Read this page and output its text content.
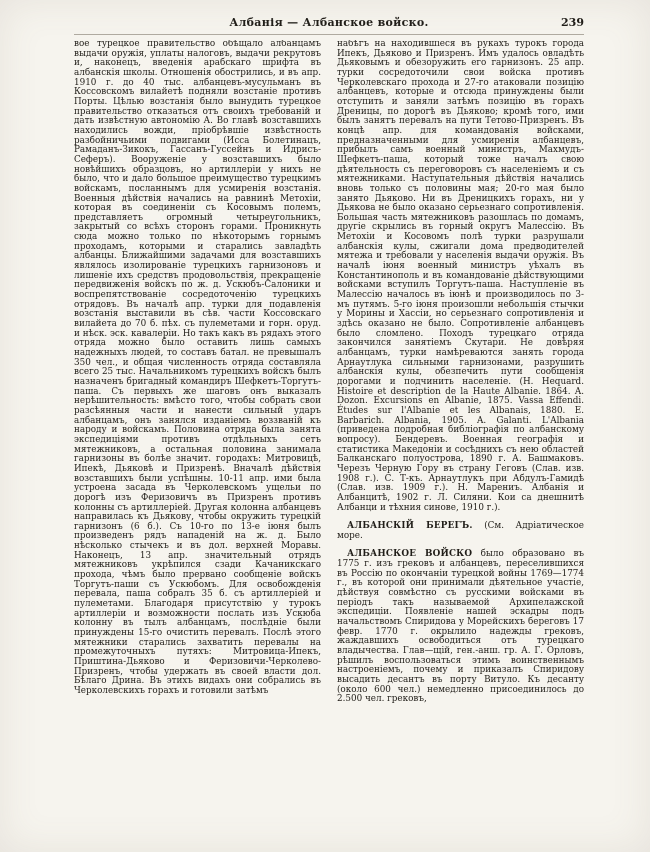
Албанія — Албанское войско.	239

вое турецкое правительство обѣщало албанцамъ выдачи оружія, уплаты налоговъ, выдачи рекрутовъ и, наконецъ, введенія арабскаго шрифта въ албанскія школы. Отношенія обострились, и въ апр. 1910 г. до 40 тыс. албанцевъ-мусульманъ въ Коссовскомъ вилайетѣ подняли возстаніе противъ Порты. Цѣлью возстанія было вынудить турецкое правительство отказаться отъ своихъ требованій и дать извѣстную автономію А. Во главѣ возставшихъ находились вожди, пріобрѣвшіе извѣстность разбойничьими подвигами (Исса Болетинацъ, Рамаданъ-Зикокъ, Гассанъ-Гуссейнъ и Идрисъ-Сеферъ). Вооруженіе у возставшихъ было новѣйшихъ образцовъ, но артиллеріи у нихъ не было, что и дало большое преимущество турецкимъ войскамъ, посланнымъ для усмиренія возстанія. Военныя дѣйствія начались на равнинѣ Метохіи, которая въ соединеніи съ Косовымъ полемъ, представляетъ огромный четыреугольникъ, закрытый со всѣхъ сторонъ горами. Проникнуть сюда можно только по нѣкоторымъ горнымъ проходамъ, которыми и старались завладѣть албанцы. Ближайшими задачами для возставшихъ являлось изолированіе турецкихъ гарнизоновъ и лишеніе ихъ средствъ продовольствія, прекращеніе передвиженія войскъ по ж. д. Ускюбъ-Салоники и воспрепятствованіе сосредоточенію турецкихъ отрядовъ. Въ началѣ апр. турки для подавленія возстанія выставили въ сѣв. части Коссовскаго вилайета до 70 б. пѣх. съ пулеметами и горн. оруд. и нѣск. эск. кавалеріи. Но такъ какъ въ рядахъ этого отряда можно было оставить лишь самыхъ надежныхъ людей, то составъ батал. не превышалъ 350 чел., и общая численность отряда составляла всего 25 тыс. Начальникомъ турецкихъ войскъ былъ назначенъ бригадный командиръ Шефкетъ-Торгутъ-паша. Съ первыхъ же шаговъ онъ выказалъ нерѣшительность: вмѣсто того, чтобы собрать свои разсѣянныя части и нанести сильный ударъ албанцамъ, онъ занялся изданіемъ воззваній къ народу и войскамъ. Половина отряда была занята экспедиціями противъ отдѣльныхъ сетъ мятежниковъ, а остальная половина занимала гарнизоны въ болѣе значит. городахъ: Митровицѣ, Ипекѣ, Дьяковѣ и Призренѣ. Вначалѣ дѣйствія возставшихъ были успѣшны. 10-11 апр. ими была устроена засада въ Черколевскомъ ущельи по дорогѣ изъ Феризовичъ въ Призренъ противъ колонны съ артиллеріей. Другая колонна албанцевъ направилась къ Дьякову, чтобы окружить турецкій гарнизонъ (6 б.). Съ 10-го по 13-е іюня былъ произведенъ рядъ нападеній на ж. д. Было нѣсколько стычекъ и въ дол. верхней Моравы. Наконецъ, 13 апр. значительный отрядъ мятежниковъ укрѣпился сзади Качаникскаго прохода, чѣмъ было прервано сообщеніе войскъ Торгутъ-паши съ Ускюбомъ. Для освобожденія перевала, паша собралъ 35 б. съ артиллеріей и пулеметами. Благодаря присутствію у турокъ артиллеріи и возможности послать изъ Ускюба колонну въ тылъ албанцамъ, послѣдніе были принуждены 15-го очистить перевалъ. Послѣ этого мятежники старались захватить перевалы на промежуточныхъ путяхъ: Митровица-Ипекъ, Приштина-Дьяково и Феризовичи-Черколево-Призренъ, чтобы удержать въ своей власти дол. Бѣлаго Дрина. Въ этихъ видахъ они собрались въ Черколевскихъ горахъ и готовили затѣмъ

набѣгъ на находившіеся въ рукахъ турокъ города Ипекъ, Дьяково и Призренъ. Имъ удалось овладѣть Дьяковымъ и обезоружить его гарнизонъ. 25 апр. турки сосредоточили свои войска противъ Черколевскаго прохода и 27-го атаковали позицію албанцевъ, которые и отсюда принуждены были отступить и заняли затѣмъ позицію въ горахъ Дреницы, по дорогѣ въ Дьяково; кромѣ того, ими былъ занятъ перевалъ на пути Тетово-Призренъ. Въ концѣ апр. для командованія войсками, предназначенными для усмиренія албанцевъ, прибылъ самъ военный министръ, Махмудъ-Шефкетъ-паша, который тоже началъ свою дѣятельность съ переговоровъ съ населеніемъ и съ мятежниками. Наступательныя дѣйствія начались вновь только съ половины мая; 20-го мая было занято Дьяково. Ни въ Дреницкихъ горахъ, ни у Дьякова не было оказано серьезнаго сопротивленія. Большая часть мятежниковъ разошлась по домамъ, другіе скрылись въ горный округъ Малессію. Въ Метохіи и Косовомъ полѣ турки разрушали албанскія кулы, сжигали дома предводителей мятежа и требовали у населенія выдачи оружія. Въ началѣ іюня военный министръ уѣхалъ въ Константинополь и въ командованіе дѣйствующими войсками вступилъ Торгутъ-паша. Наступленіе въ Малессію началось въ іюнѣ и производилось по 3-мъ путямъ. 5-го іюня произошли небольшія стычки у Морины и Хассіи, но серьезнаго сопротивленія и здѣсь оказано не было. Сопротивленіе албанцевъ было сломлено. Походъ турецкаго отряда закончился занятіемъ Скутари. Не довѣряя албанцамъ, турки намѣреваются занять города Арнаутлука сильными гарнизонами, разрушить албанскія кулы, обезпечить пути сообщенія дорогами и подчинить населеніе. (H. Hequard. Histoire et description de la Haute Albanie. 1864. A. Dozon. Excursions en Albanie, 1875. Vassa Effendi. Études sur l'Albanie et les Albanais, 1880. E. Barbarich. Albania, 1905. A. Galanti. L'Albania (приведена подробная библіографія по албанскому вопросу). Бендеревъ. Военная географія и статистика Македоніи и сосѣднихъ съ нею областей Балканскаго полуострова, 1890 г. А. Башмаковъ. Черезъ Черную Гору въ страну Геговъ (Слав. изв. 1908 г.). С. Т-къ. Арнаутлукъ при Абдулъ-Гамидѣ (Слав. изв. 1909 г.). Н. Марениъ. Албанія и Албанцитѣ, 1902 г. Л. Силяни. Кои са днешнитѣ Албанци и тѣхния синове, 1910 г.).

АЛБАНСКІЙ БЕРЕГЪ. (См. Адріатическое море.

АЛБАНСКОЕ ВОЙСКО было образовано въ 1775 г. изъ грековъ и албанцевъ, переселившихся въ Россію по окончаніи турецкой войны 1769—1774 г., въ которой они принимали дѣятельное участіе, дѣйствуя совмѣстно съ русскими войсками въ періодъ такъ называемой Архипелажской экспедиціи. Появленіе нашей эскадры подъ начальствомъ Спиридова у Морейскихъ береговъ 17 февр. 1770 г. окрылило надежды грековъ, жаждавшихъ освободиться отъ турецкаго владычества. Глав—щій, ген.-анш. гр. А. Г. Орловъ, рѣшилъ воспользоваться этимъ воинственнымъ настроеніемъ, почему и приказалъ Спиридову высадить десантъ въ порту Витуло. Къ десанту (около 600 чел.) немедленно присоединилось до 2.500 чел. грековъ,
